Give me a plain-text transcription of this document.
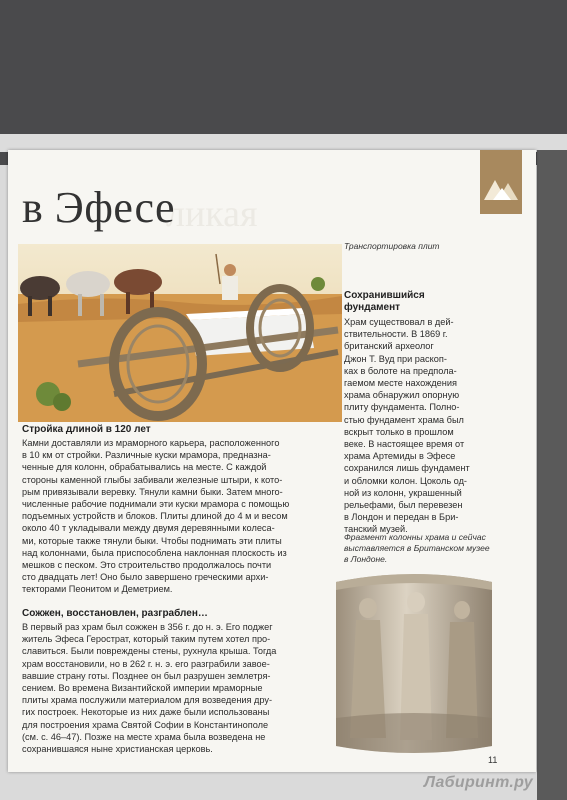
ликая
в Эфесе
Транспортировка плит
Сохранившийся
фундамент
Храм существовал в дей-
ствительности. В 1869 г.
британский археолог
Джон Т. Вуд при раскоп-
ках в болоте на предпола-
гаемом месте нахождения
храма обнаружил опорную
плиту фундамента. Полно-
стью фундамент храма был
вскрыт только в прошлом
веке. В настоящее время от
храма Артемиды в Эфесе
сохранился лишь фундамент
и обломки колон. Цоколь од-
ной из колонн, украшенный
рельефами, был перевезен
в Лондон и передан в Бри-
танский музей.
Стройка длиной в 120 лет
Камни доставляли из мраморного карьера, расположенного
в 10 км от стройки. Различные куски мрамора, предназна-
ченные для колонн, обрабатывались на месте. С каждой
стороны каменной глыбы забивали железные штыри, к кото-
рым привязывали веревку. Тянули камни быки. Затем много-
численные рабочие поднимали эти куски мрамора с помощью
подъемных устройств и блоков. Плиты длиной до 4 м и весом
около 40 т укладывали между двумя деревянными колеса-
ми, которые также тянули быки. Чтобы поднимать эти плиты
над колоннами, была приспособлена наклонная плоскость из
мешков с песком. Это строительство продолжалось почти
сто двадцать лет! Оно было завершено греческими архи-
текторами Пеонитом и Деметрием.
Сожжен, восстановлен, разграблен…
В первый раз храм был сожжен в 356 г. до н. э. Его поджег
житель Эфеса Герострат, который таким путем хотел про-
славиться. Были повреждены стены, рухнула крыша. Тогда
храм восстановили, но в 262 г. н. э. его разграбили завое-
вавшие страну готы. Позднее он был разрушен землетря-
сением. Во времена Византийской империи мраморные
плиты храма послужили материалом для возведения дру-
гих построек. Некоторые из них даже были использованы
для построения храма Святой Софии в Константинополе
(см. с. 46–47). Позже на месте храма была возведена не
сохранившаяся ныне христианская церковь.
Фрагмент колонны храма и сейчас
выставляется в Британском музее
в Лондоне.
11
Лабиринт.ру
